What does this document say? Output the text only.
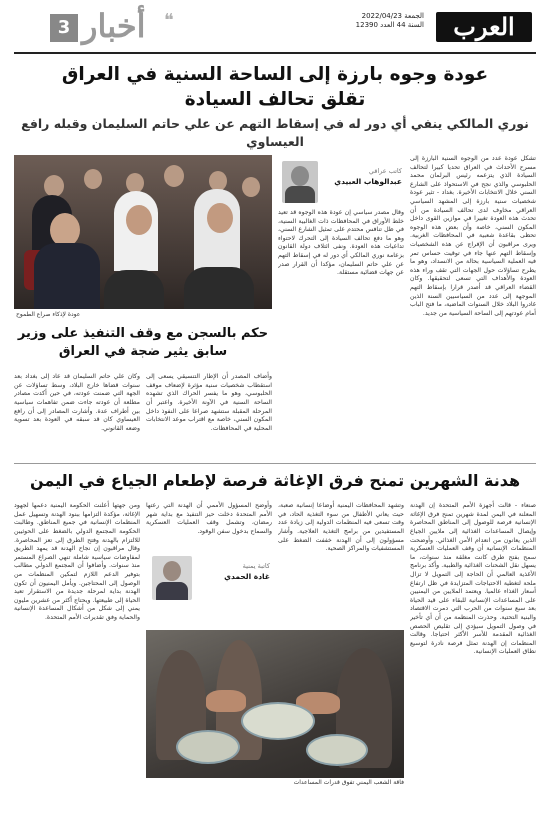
العرب
الجمعة 2022/04/23
السنة 44 العدد 12390
❝
أخبار
3
عودة وجوه بارزة إلى الساحة السنية في العراق
تقلق تحالف السيادة
نوري المالكي ينفي أي دور له في إسقاط التهم عن علي حاتم السليمان وقبله رافع العيساوي

تشكل عودة عدد من الوجوه السنية البارزة إلى مسرح الأحداث في العراق تحديا كبيرا لتحالف السيادة الذي يتزعمه رئيس البرلمان محمد الحلبوسي والذي نجح في الاستحواذ على الشارع السني خلال الانتخابات الأخيرة. بغداد - تثير عودة شخصيات سنية بارزة إلى المشهد السياسي العراقي مخاوف لدى تحالف السيادة من أن تحدث هذه العودة تغييرا في موازين القوى داخل المكون السني، خاصة وأن بعض هذه الوجوه تحظى بقاعدة شعبية في المحافظات الغربية. ويرى مراقبون أن الإفراج عن هذه الشخصيات وإسقاط التهم عنها جاء في توقيت حساس تمر فيه العملية السياسية بحالة من الانسداد، وهو ما يطرح تساؤلات حول الجهات التي تقف وراء هذه العودة والأهداف التي تسعى لتحقيقها. وكان القضاء العراقي قد أصدر قرارا بإسقاط التهم الموجهة إلى عدد من السياسيين السنة الذين غادروا البلاد خلال السنوات الماضية، ما فتح الباب أمام عودتهم إلى الساحة السياسية من جديد.

كاتب عراقي
عبدالوهاب العبيدي

وقال مصدر سياسي إن عودة هذه الوجوه قد تعيد خلط الأوراق في المحافظات ذات الغالبية السنية، في ظل تنافس محتدم على تمثيل الشارع السني، وهو ما دفع تحالف السيادة إلى التحرك لاحتواء تداعيات هذه العودة. ونفى ائتلاف دولة القانون بزعامة نوري المالكي أي دور له في إسقاط التهم عن علي حاتم السليمان، مؤكدا أن القرار صدر عن جهات قضائية مستقلة.

عودة لإذكاء صراع الطموح
حكم بالسجن مع وقف التنفيذ على وزير سابق يثير ضجة في العراق

وأضاف المصدر أن الإطار التنسيقي يسعى إلى استقطاب شخصيات سنية مؤثرة لإضعاف موقف الحلبوسي، وهو ما يفسر الحراك الذي تشهده الساحة السنية في الآونة الأخيرة. واعتبر أن المرحلة المقبلة ستشهد صراعا على النفوذ داخل المكون السني، خاصة مع اقتراب موعد الانتخابات المحلية في المحافظات.

وكان علي حاتم السليمان قد عاد إلى بغداد بعد سنوات قضاها خارج البلاد، وسط تساؤلات عن الجهة التي ضمنت عودته، في حين أكدت مصادر مطلعة أن عودته جاءت ضمن تفاهمات سياسية بين أطراف عدة. وأشارت المصادر إلى أن رافع العيساوي كان قد سبقه في العودة بعد تسوية وضعه القانوني.

هدنة الشهرين تمنح فرق الإغاثة فرصة لإطعام الجياع في اليمن

صنعاء - قالت أجهزة الأمم المتحدة إن الهدنة المعلنة في اليمن لمدة شهرين تمنح فرق الإغاثة الإنسانية فرصة للوصول إلى المناطق المحاصرة وإيصال المساعدات الغذائية إلى ملايين الجياع الذين يعانون من انعدام الأمن الغذائي. وأوضحت المنظمات الإنسانية أن وقف العمليات العسكرية سمح بفتح طرق كانت مغلقة منذ سنوات، ما يسهل نقل الشحنات الغذائية والطبية. وأكد برنامج الأغذية العالمي أن الحاجة إلى التمويل لا تزال ملحة لتغطية الاحتياجات المتزايدة في ظل ارتفاع أسعار الغذاء عالميا. ويعتمد الملايين من اليمنيين على المساعدات الإنسانية للبقاء على قيد الحياة بعد سبع سنوات من الحرب التي دمرت الاقتصاد والبنية التحتية. وحذرت المنظمة من أن أي تأخير في وصول التمويل سيؤدي إلى تقليص الحصص الغذائية المقدمة للأسر الأكثر احتياجا. وقالت المنظمات إن الهدنة تمثل فرصة نادرة لتوسيع نطاق العمليات الإنسانية.

وتشهد المحافظات اليمنية أوضاعا إنسانية صعبة، حيث يعاني الأطفال من سوء التغذية الحاد، في وقت تسعى فيه المنظمات الدولية إلى زيادة عدد المستفيدين من برامج التغذية العلاجية. وأشار مسؤولون إلى أن الهدنة خففت الضغط على المستشفيات والمراكز الصحية.

وأوضح المسؤول الأممي أن الهدنة التي رعتها الأمم المتحدة دخلت حيز التنفيذ مع بداية شهر رمضان، وتشمل وقف العمليات العسكرية والسماح بدخول سفن الوقود.

كاتبة يمنية
غادة الحمدي

ومن جهتها أعلنت الحكومة اليمنية دعمها لجهود الإغاثة، مؤكدة التزامها ببنود الهدنة وتسهيل عمل المنظمات الإنسانية في جميع المناطق. وطالبت الحكومة المجتمع الدولي بالضغط على الحوثيين للالتزام بالهدنة وفتح الطرق إلى تعز المحاصرة. وقال مراقبون إن نجاح الهدنة قد يمهد الطريق لمفاوضات سياسية شاملة تنهي الصراع المستمر منذ سنوات. وأضافوا أن المجتمع الدولي مطالب بتوفير الدعم اللازم لتمكين المنظمات من الوصول إلى المحتاجين. ويأمل اليمنيون أن تكون الهدنة بداية لمرحلة جديدة من الاستقرار تعيد الحياة إلى طبيعتها. ويحتاج أكثر من عشرين مليون يمني إلى شكل من أشكال المساعدة الإنسانية والحماية وفق تقديرات الأمم المتحدة.

فاقة الشعب اليمني تفوق قدرات المساعدات
